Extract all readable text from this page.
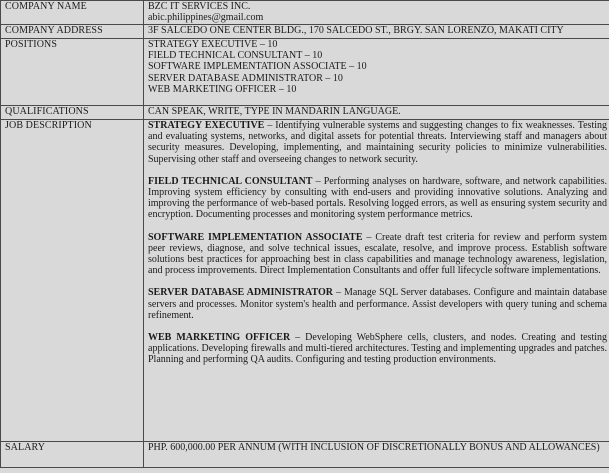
COMPANY NAME	BZC IT SERVICES INC.
abic.philippines@gmail.com

COMPANY ADDRESS	3F SALCEDO ONE CENTER BLDG., 170 SALCEDO ST., BRGY. SAN LORENZO, MAKATI CITY
POSITIONS	STRATEGY EXECUTIVE – 10
FIELD TECHNICAL CONSULTANT – 10
SOFTWARE IMPLEMENTATION ASSOCIATE – 10
SERVER DATABASE ADMINISTRATOR – 10
WEB MARKETING OFFICER – 10

QUALIFICATIONS	CAN SPEAK, WRITE, TYPE IN MANDARIN LANGUAGE.
JOB DESCRIPTION	STRATEGY EXECUTIVE – Identifying vulnerable systems and suggesting changes to fix weaknesses. Testing and evaluating systems, networks, and digital assets for potential threats. Interviewing staff and managers about security measures. Developing, implementing, and maintaining security policies to minimize vulnerabilities. Supervising other staff and overseeing changes to network security.
FIELD TECHNICAL CONSULTANT – Performing analyses on hardware, software, and network capabilities. Improving system efficiency by consulting with end-users and providing innovative solutions. Analyzing and improving the performance of web-based portals. Resolving logged errors, as well as ensuring system security and encryption. Documenting processes and monitoring system performance metrics.
SOFTWARE IMPLEMENTATION ASSOCIATE – Create draft test criteria for review and perform system peer reviews, diagnose, and solve technical issues, escalate, resolve, and improve process. Establish software solutions best practices for approaching best in class capabilities and manage technology awareness, legislation, and process improvements. Direct Implementation Consultants and offer full lifecycle software implementations.
SERVER DATABASE ADMINISTRATOR – Manage SQL Server databases. Configure and maintain database servers and processes. Monitor system's health and performance. Assist developers with query tuning and schema refinement.
WEB MARKETING OFFICER – Developing WebSphere cells, clusters, and nodes. Creating and testing applications. Developing firewalls and multi-tiered architectures. Testing and implementing upgrades and patches. Planning and performing QA audits. Configuring and testing production environments.

SALARY	PHP. 600,000.00 PER ANNUM (WITH INCLUSION OF DISCRETIONALLY BONUS AND ALLOWANCES)
